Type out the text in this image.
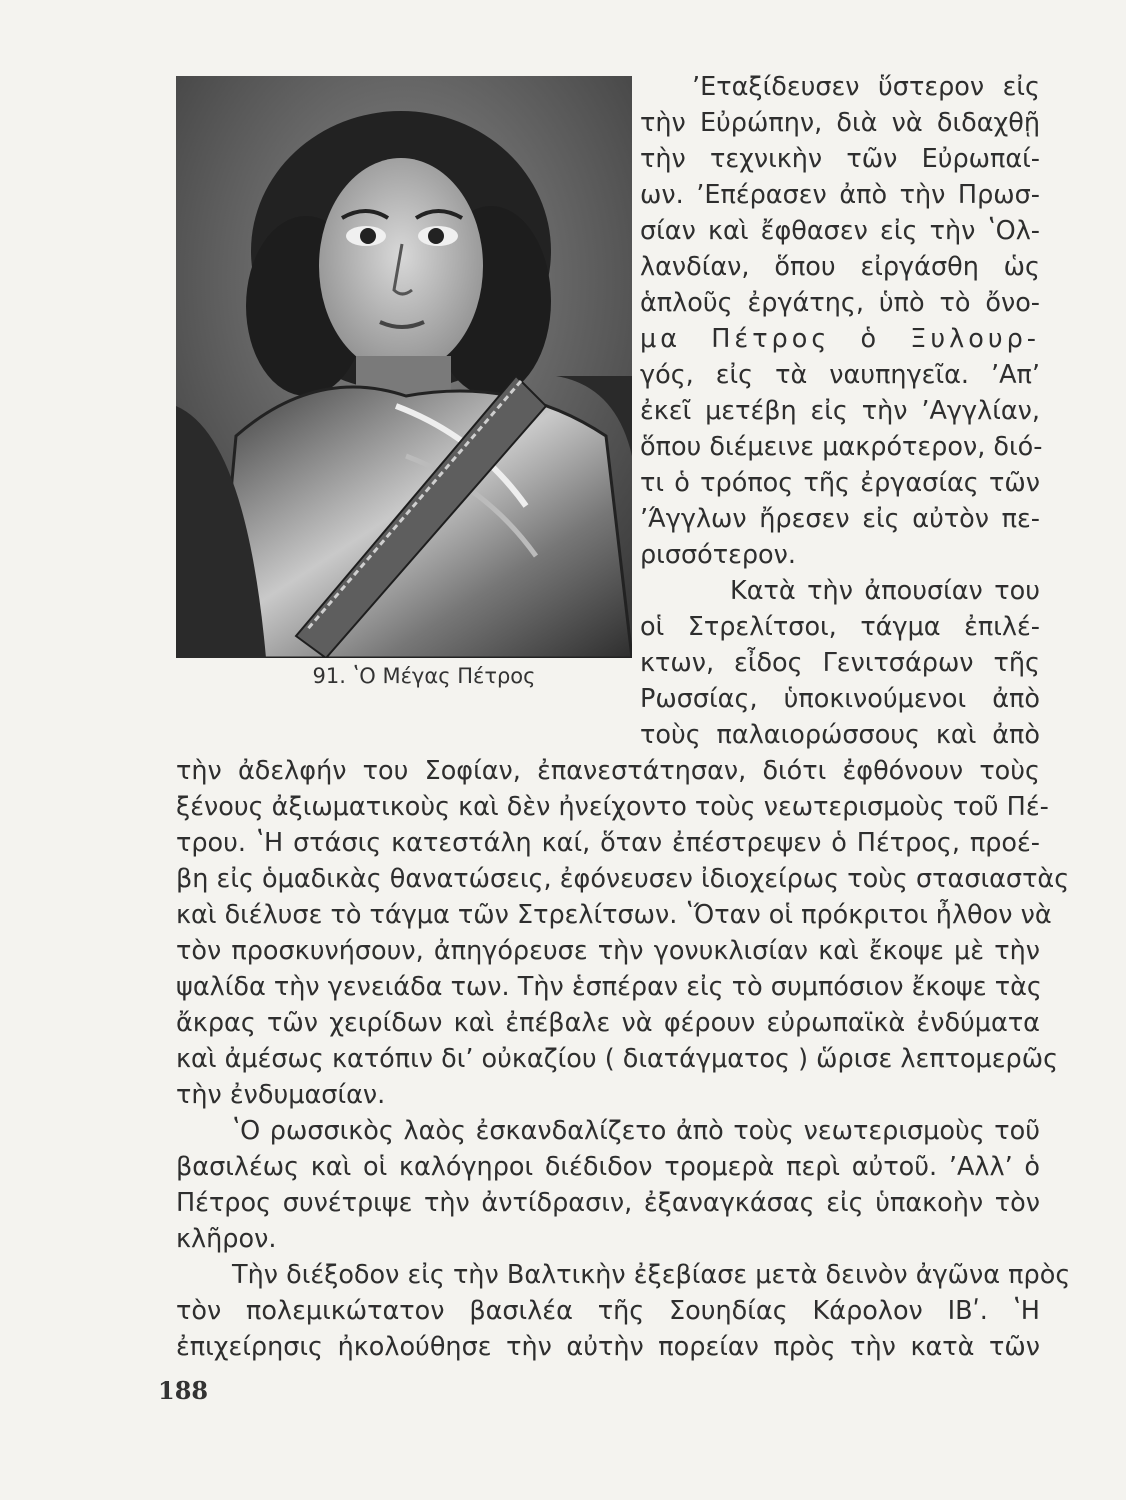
91. ʽΟ Μέγας Πέτρος
ʼΕταξίδευσεν ὕστερον εἰς
τὴν Εὐρώπην, διὰ νὰ διδαχθῇ
τὴν τεχνικὴν τῶν Εὐρωπαί-
ων. ʼΕπέρασεν ἀπὸ τὴν Πρωσ-
σίαν καὶ ἔφθασεν εἰς τὴν ʽΟλ-
λανδίαν, ὅπου εἰργάσθη ὡς
ἁπλοῦς ἐργάτης, ὑπὸ τὸ ὄνο-
μα Πέτρος ὁ Ξυλουρ-
γός, εἰς τὰ ναυπηγεῖα. ʼΑπʼ
ἐκεῖ μετέβη εἰς τὴν ʼΑγγλίαν,
ὅπου διέμεινε μακρότερον, διό-
τι ὁ τρόπος τῆς ἐργασίας τῶν
ʼΆγγλων ἤρεσεν εἰς αὐτὸν πε-
ρισσότερον.
Κατὰ τὴν ἀπουσίαν του
οἱ Στρελίτσοι, τάγμα ἐπιλέ-
κτων, εἶδος Γενιτσάρων τῆς
Ρωσσίας, ὑποκινούμενοι ἀπὸ
τοὺς παλαιορώσσους καὶ ἀπὸ
τὴν ἀδελφήν του Σοφίαν, ἐπανεστάτησαν, διότι ἐφθόνουν τοὺς
ξένους ἀξιωματικοὺς καὶ δὲν ἠνείχοντο τοὺς νεωτερισμοὺς τοῦ Πέ-
τρου. ʽΗ στάσις κατεστάλη καί, ὅταν ἐπέστρεψεν ὁ Πέτρος, προέ-
βη εἰς ὁμαδικὰς θανατώσεις, ἐφόνευσεν ἰδιοχείρως τοὺς στασιαστὰς
καὶ διέλυσε τὸ τάγμα τῶν Στρελίτσων. ʽΌταν οἱ πρόκριτοι ἦλθον νὰ
τὸν προσκυνήσουν, ἀπηγόρευσε τὴν γονυκλισίαν καὶ ἔκοψε μὲ τὴν
ψαλίδα τὴν γενειάδα των. Τὴν ἑσπέραν εἰς τὸ συμπόσιον ἔκοψε τὰς
ἄκρας τῶν χειρίδων καὶ ἐπέβαλε νὰ φέρουν εὐρωπαϊκὰ ἐνδύματα
καὶ ἀμέσως κατόπιν διʼ οὐκαζίου ( διατάγματος ) ὥρισε λεπτομερῶς
τὴν ἐνδυμασίαν.
ʽΟ ρωσσικὸς λαὸς ἐσκανδαλίζετο ἀπὸ τοὺς νεωτερισμοὺς τοῦ
βασιλέως καὶ οἱ καλόγηροι διέδιδον τρομερὰ περὶ αὐτοῦ. ʼΑλλʼ ὁ
Πέτρος συνέτριψε τὴν ἀντίδρασιν, ἐξαναγκάσας εἰς ὑπακοὴν τὸν
κλῆρον.
Τὴν διέξοδον εἰς τὴν Βαλτικὴν ἐξεβίασε μετὰ δεινὸν ἀγῶνα πρὸς
τὸν πολεμικώτατον βασιλέα τῆς Σουηδίας Κάρολον ΙΒʹ. ʽΗ
ἐπιχείρησις ἠκολούθησε τὴν αὐτὴν πορείαν πρὸς τὴν κατὰ τῶν
188
